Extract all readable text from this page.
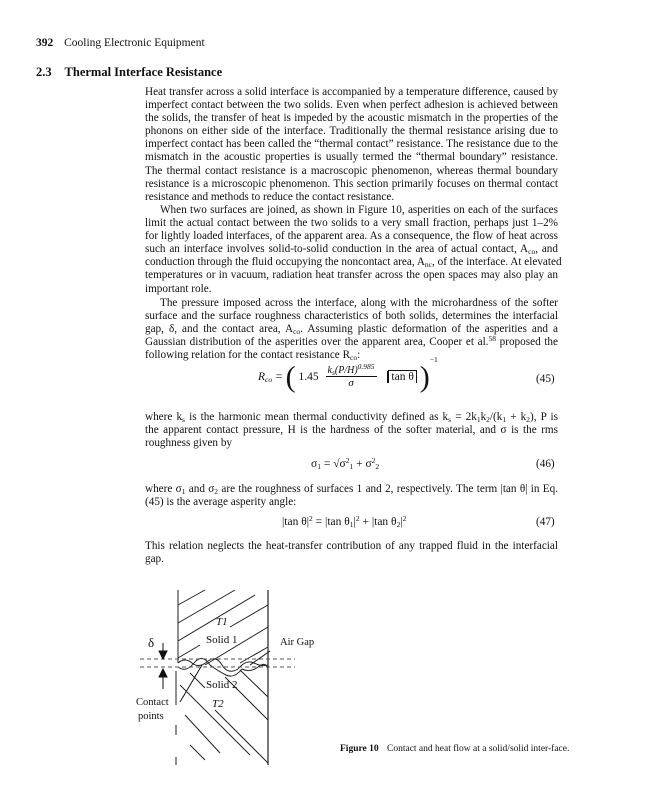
392 Cooling Electronic Equipment
2.3 Thermal Interface Resistance
Heat transfer across a solid interface is accompanied by a temperature difference, caused by
imperfect contact between the two solids. Even when perfect adhesion is achieved between
the solids, the transfer of heat is impeded by the acoustic mismatch in the properties of the
phonons on either side of the interface. Traditionally the thermal resistance arising due to
imperfect contact has been called the “thermal contact” resistance. The resistance due to the
mismatch in the acoustic properties is usually termed the “thermal boundary” resistance.
The thermal contact resistance is a macroscopic phenomenon, whereas thermal boundary
resistance is a microscopic phenomenon. This section primarily focuses on thermal contact
resistance and methods to reduce the contact resistance.
When two surfaces are joined, as shown in Figure 10, asperities on each of the surfaces
limit the actual contact between the two solids to a very small fraction, perhaps just 1–2%
for lightly loaded interfaces, of the apparent area. As a consequence, the flow of heat across
such an interface involves solid-to-solid conduction in the area of actual contact, $A_{co}$, and
conduction through the fluid occupying the noncontact area, $A_{nc}$, of the interface. At elevated
temperatures or in vacuum, radiation heat transfer across the open spaces may also play an
important role.
The pressure imposed across the interface, along with the microhardness of the softer
surface and the surface roughness characteristics of both solids, determines the interfacial
gap, δ, and the contact area, $A_{co}$. Assuming plastic deformation of the asperities and a
Gaussian distribution of the asperities over the apparent area, Cooper et al.$^{58}$ proposed the
following relation for the contact resistance $R_{co}$:
$R_{co}$ = ( $1.45 \frac{k_s(P/H)^{0.985}}{\sigma}$ tan θ )$^{-1}$
(45)
where $k_s$ is the harmonic mean thermal conductivity defined as $k_s = 2k_1k_2/(k_1 + k_2)$, P is
the apparent contact pressure, H is the hardness of the softer material, and σ is the rms
roughness given by
$\sigma_1 = √\sigma^2_1 + \sigma^2_2$	(46)
where $\sigma_1$ and $\sigma_2$ are the roughness of surfaces 1 and 2, respectively. The term |tan θ| in Eq.
(45) is the average asperity angle:
|tan $\theta|^2 = |\tan$ $\theta_1|^2 + |\tan$ $\theta_2|^2$	(47)
This relation neglects the heat-transfer contribution of any trapped fluid in the interfacial
gap.
T1
Solid 1	Air Gap
δ
Solid 2
T2
Contact
points
Figure 10 Contact and heat flow at a solid/solid inter-face.
